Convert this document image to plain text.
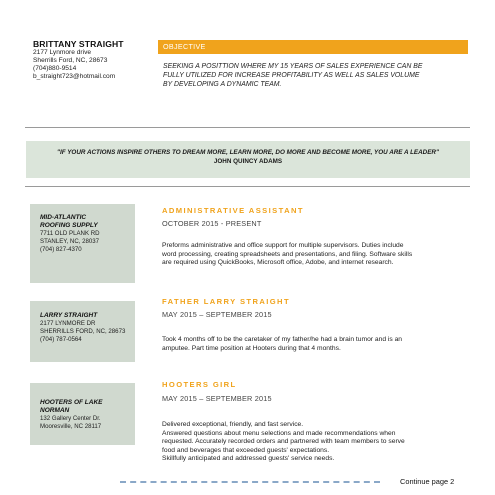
BRITTANY STRAIGHT
2177 Lynmore drive
Sherrills Ford, NC, 28673
(704)880-9514
b_straight723@hotmail.com
OBJECTIVE
SEEKING A POSITTION WHERE MY 15 YEARS OF SALES EXPERIENCE CAN BE
FULLY UTILIZED FOR INCREASE PROFITABILITY AS WELL AS SALES VOLUME
BY DEVELOPING A DYNAMIC TEAM.
"IF YOUR ACTIONS INSPIRE OTHERS TO DREAM MORE, LEARN MORE, DO MORE AND BECOME MORE, YOU ARE A LEADER"
JOHN QUINCY ADAMS
MID-ATLANTIC
ROOFING SUPPLY
7711 OLD PLANK RD
STANLEY, NC, 28037
(704) 827-4370
ADMINISTRATIVE ASSISTANT
OCTOBER 2015 - PRESENT
Preforms administrative and office support for multiple supervisors. Duties include
word processing, creating spreadsheets and presentations, and filing. Software skills
are required using QuickBooks, Microsoft office, Adobe, and internet research.
LARRY STRAIGHT
2177 LYNMORE DR
SHERRILLS FORD, NC, 28673
(704) 787-0564
FATHER LARRY STRAIGHT
MAY 2015 – SEPTEMBER 2015
Took 4 months off to be the caretaker of my father/he had a brain tumor and is an
amputee. Part time position at Hooters during that 4 months.
HOOTERS OF LAKE
NORMAN
132 Gallery Center Dr.
Mooresville, NC 28117
HOOTERS GIRL
MAY 2015 – SEPTEMBER 2015
Delivered exceptional, friendly, and fast service.
Answered questions about menu selections and made recommendations when
requested. Accurately recorded orders and partnered with team members to serve
food and beverages that exceeded guests' expectations.
Skillfully anticipated and addressed guests' service needs.
Continue page 2
